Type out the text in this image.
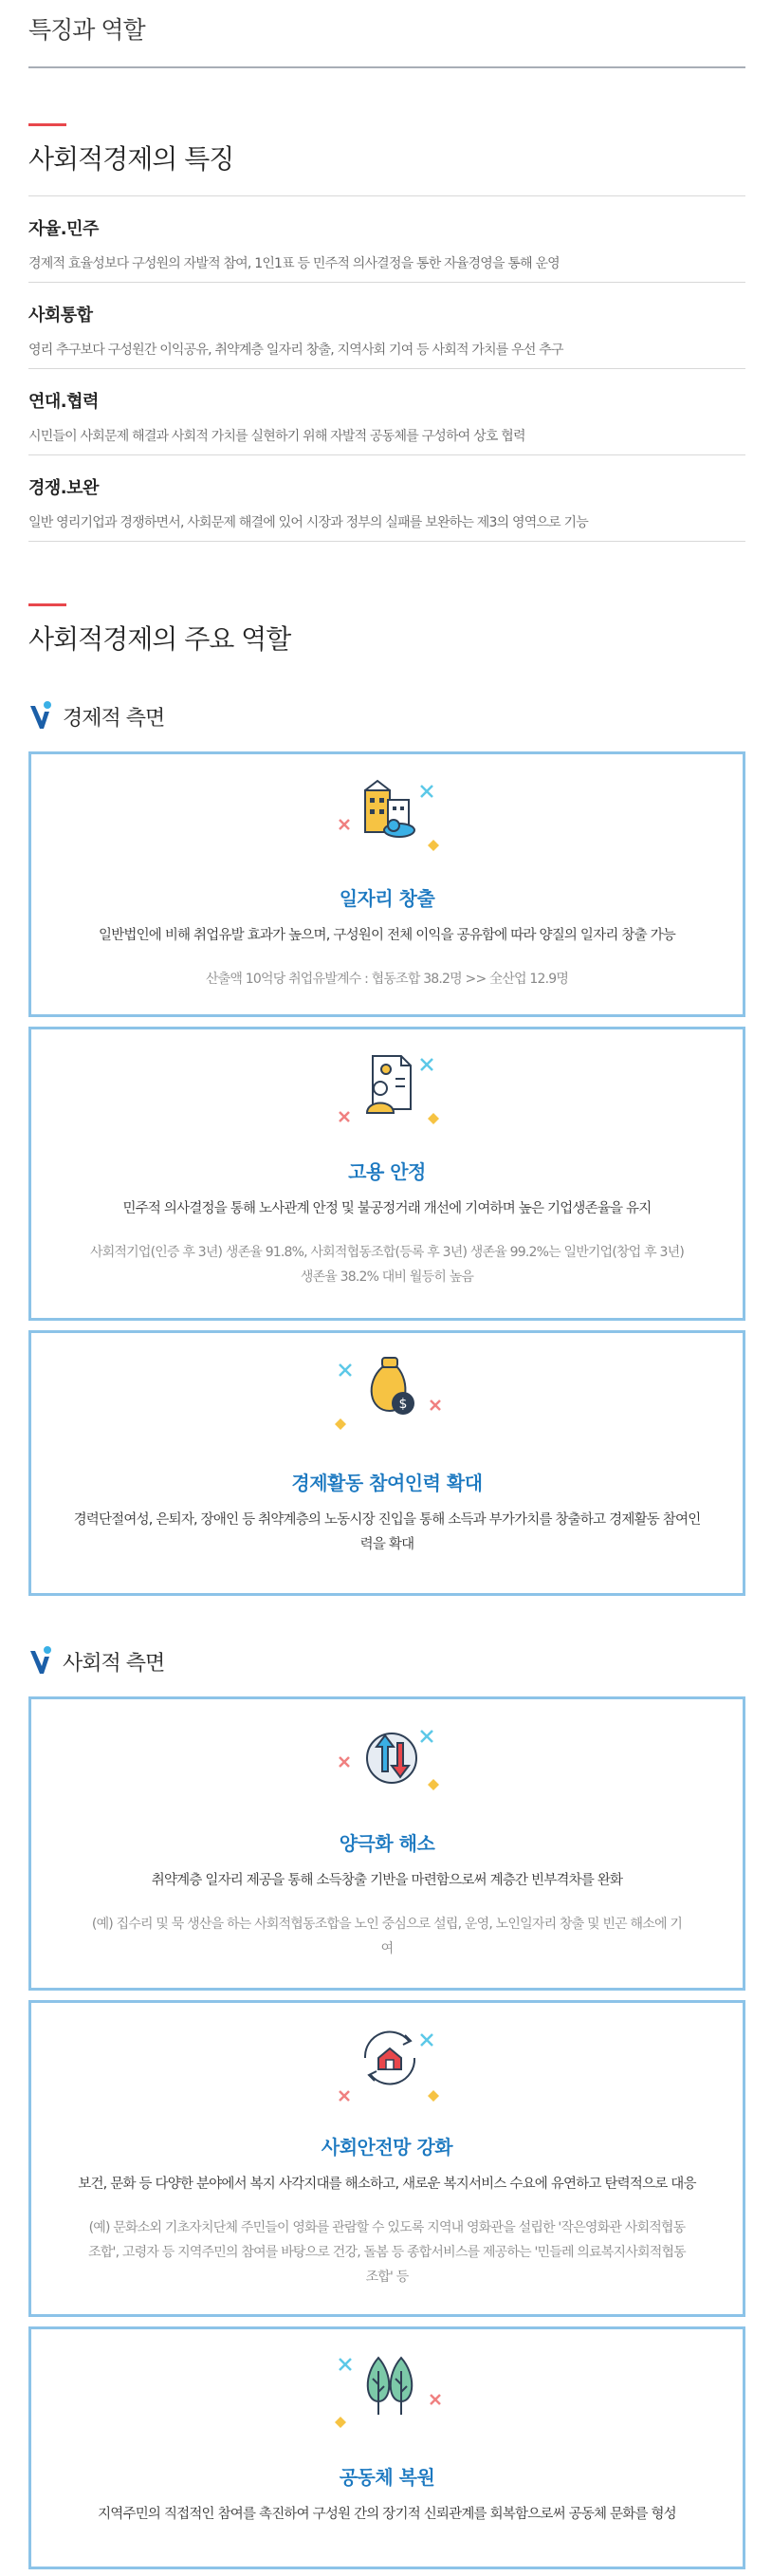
특징과 역할
사회적경제의 특징
자율.민주
경제적 효율성보다 구성원의 자발적 참여, 1인1표 등 민주적 의사결정을 통한 자율경영을 통해 운영
사회통합
영리 추구보다 구성원간 이익공유, 취약계층 일자리 창출, 지역사회 기여 등 사회적 가치를 우선 추구
연대.협력
시민들이 사회문제 해결과 사회적 가치를 실현하기 위해 자발적 공동체를 구성하여 상호 협력
경쟁.보완
일반 영리기업과 경쟁하면서, 사회문제 해결에 있어 시장과 정부의 실패를 보완하는 제3의 영역으로 기능
사회적경제의 주요 역할
경제적 측면
일자리 창출
일반법인에 비해 취업유발 효과가 높으며, 구성원이 전체 이익을 공유함에 따라 양질의 일자리 창출 가능
산출액 10억당 취업유발계수 : 협동조합 38.2명 >> 全산업 12.9명
고용 안정
민주적 의사결정을 통해 노사관계 안정 및 불공정거래 개선에 기여하며 높은 기업생존율을 유지
사회적기업(인증 후 3년) 생존율 91.8%, 사회적협동조합(등록 후 3년) 생존율 99.2%는 일반기업(창업 후 3년) 생존율 38.2% 대비 월등히 높음
$
경제활동 참여인력 확대
경력단절여성, 은퇴자, 장애인 등 취약계층의 노동시장 진입을 통해 소득과 부가가치를 창출하고 경제활동 참여인력을 확대
사회적 측면
양극화 해소
취약계층 일자리 제공을 통해 소득창출 기반을 마련함으로써 계층간 빈부격차를 완화
(예) 집수리 및 묵 생산을 하는 사회적협동조합을 노인 중심으로 설립, 운영, 노인일자리 창출 및 빈곤 해소에 기여
사회안전망 강화
보건, 문화 등 다양한 분야에서 복지 사각지대를 해소하고, 새로운 복지서비스 수요에 유연하고 탄력적으로 대응
(예) 문화소외 기초자치단체 주민들이 영화를 관람할 수 있도록 지역내 영화관을 설립한 '작은영화관 사회적협동조합', 고령자 등 지역주민의 참여를 바탕으로 건강, 돌봄 등 종합서비스를 제공하는 '민들레 의료복지사회적협동조합' 등
공동체 복원
지역주민의 직접적인 참여를 촉진하여 구성원 간의 장기적 신뢰관계를 회복함으로써 공동체 문화를 형성
